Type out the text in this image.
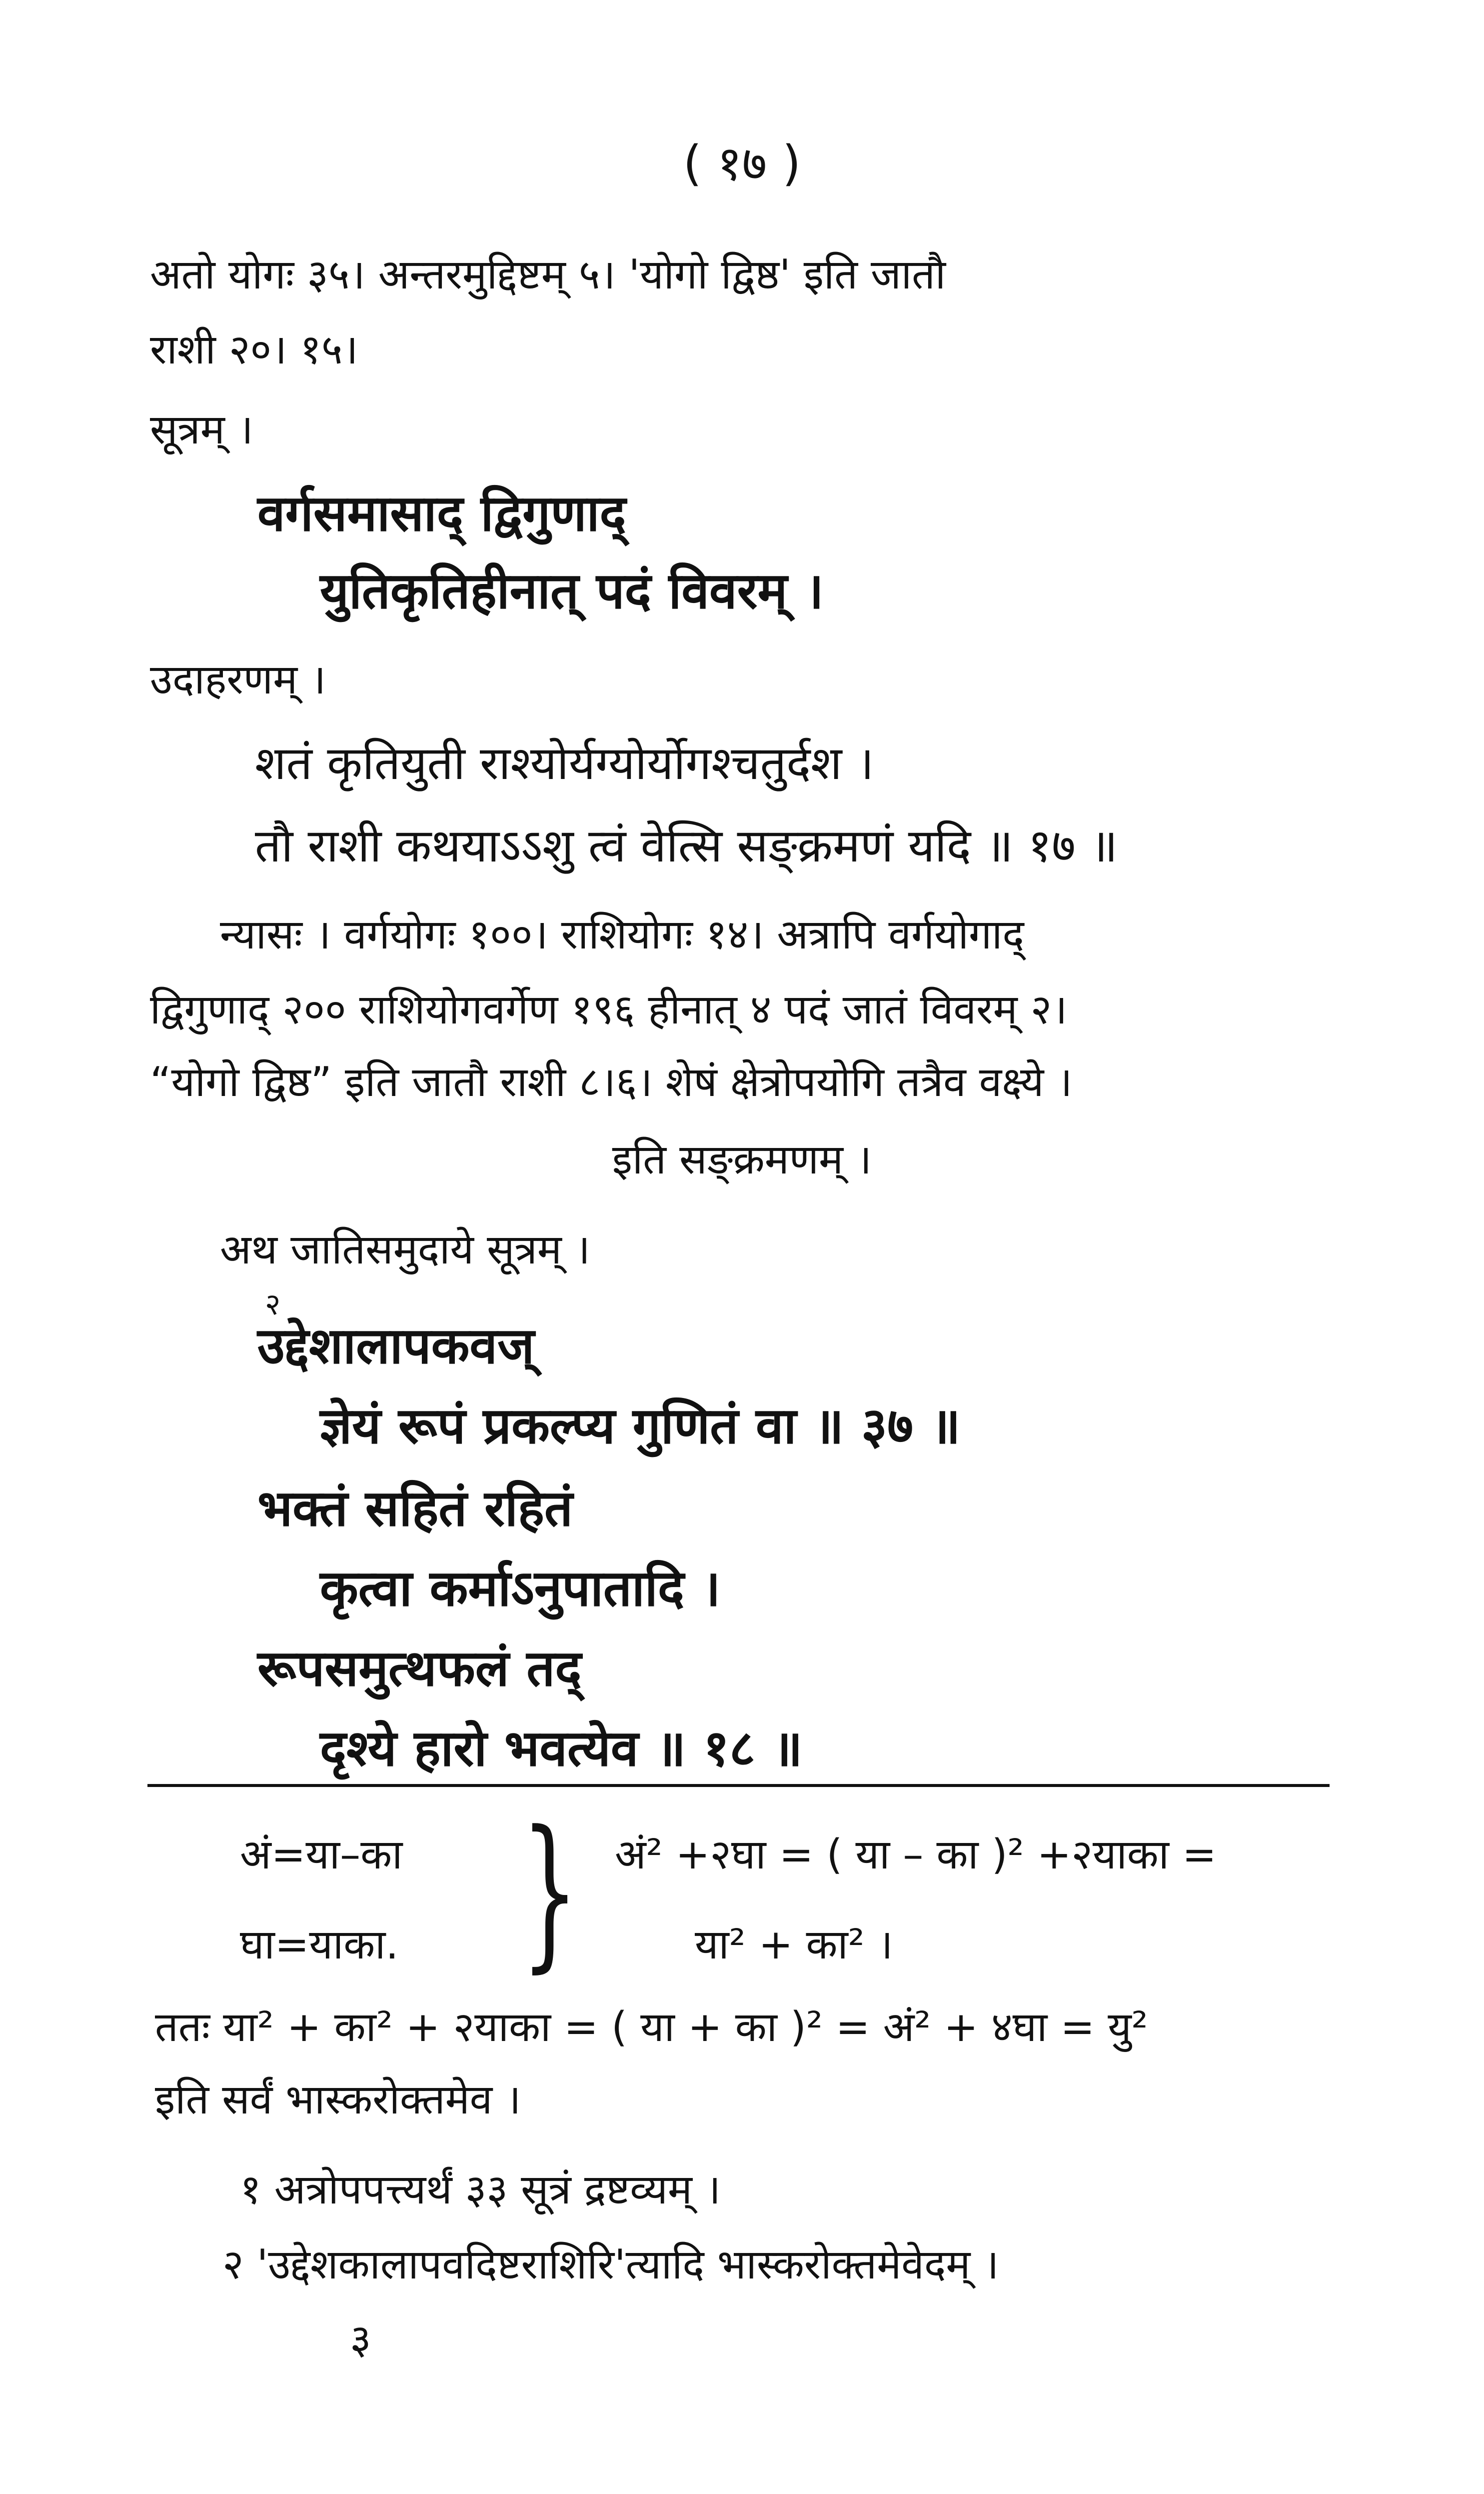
( १७ )
अतो योगः ३५। अन्तरमुद्दिष्टम् ५। 'योगो द्विष्ठ' इति जातौ
राशी २०। १५।
सूत्रम् ।
वर्गसमासाद् द्विगुणाद्
युतिकृतिहीनात् पदं विवरम् ।
उदाहरणम् ।
शतं कृतियुती राश्योर्यग्योर्योगश्चतुर्दश ।
तौ राशी कथयाऽऽशु त्वं वेत्सि सङ्क्रमणं यदि ॥ १७ ॥
न्यासः । वर्गयोगः १००। राशियोगः १४। अत्रापि वर्गयोगाद्
द्विगुणाद् २०० राशियोगवर्गेण १९६ हीनात् ४ पदं जातं विवरम् २।
“योगो द्विष्ठ” इति जातौ राशी ८।६। शेषं क्षेत्रोपयोगि तत्रैव वक्ष्ये ।
इति सङ्क्रमणम् ।
अथ जातिसमुदाये सूत्रम् ।
२
उद्देशालापकवज्
ज्ञेयं रूपं प्रकल्प्य गुणितं वा ॥ ३७ ॥
भक्तं सहितं रहितं
कृत्वा कर्माऽनुपातादि ।
रूपसमुत्थफलं तद्
दृश्ये हारो भवत्येव ॥ १८ ॥
अं=या–का
घा=याका. } अं² +२घा = ( या – का )² +२याका =
या² + का² ।
ततः या² + का² + २याका = ( या + का )² = अं² + ४घा = यु²
इति सर्वं भास्करोक्तमेव ।
१ अत्रोपपत्त्यर्थं ३३ सूत्रं द्रष्टव्यम् ।
२ 'उद्देशकालापवदिष्टराशिरि'त्यादि भास्करोक्तमेवेदम् ।
३
